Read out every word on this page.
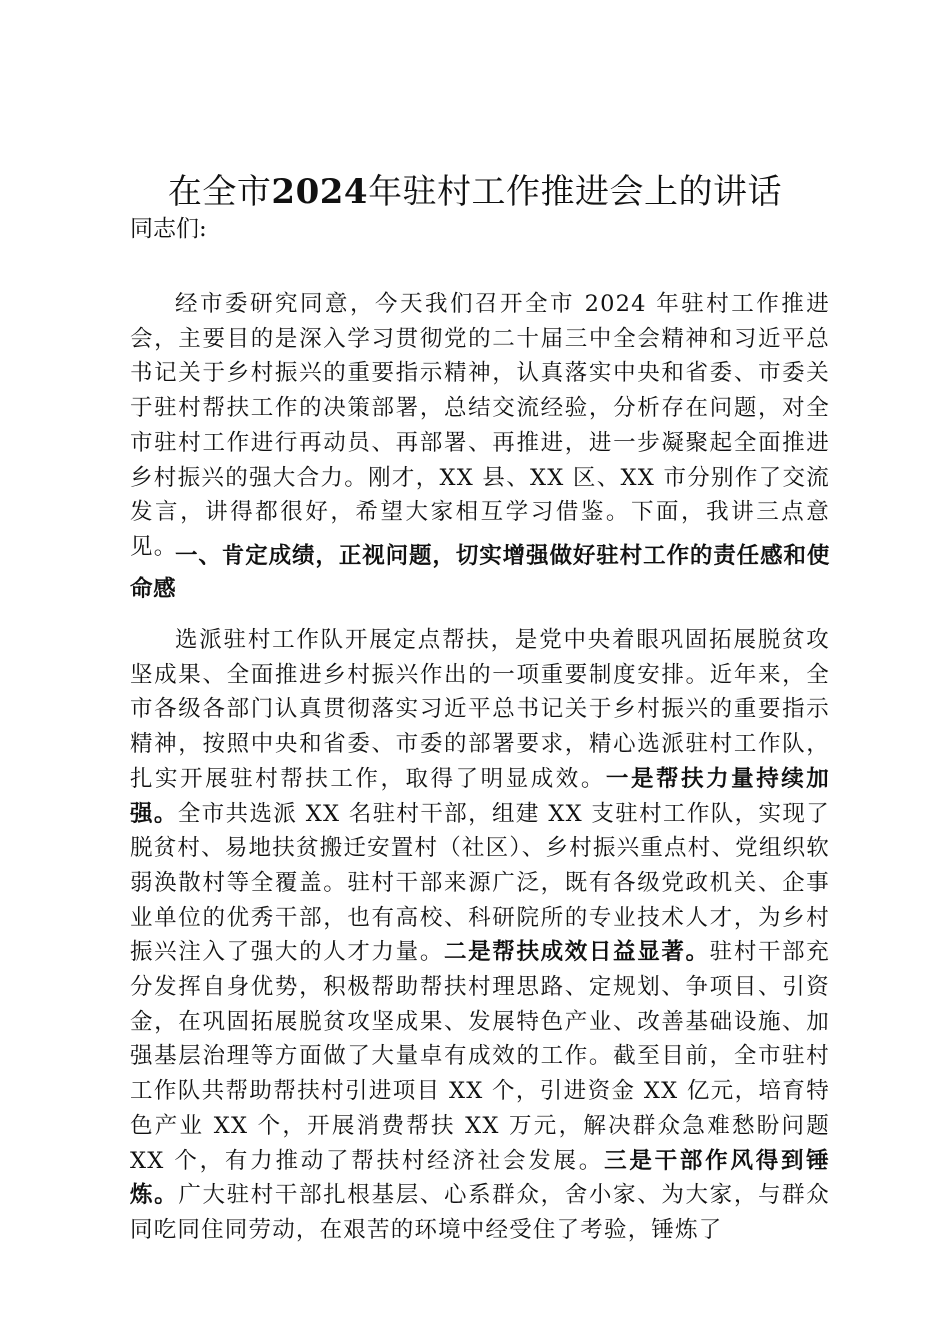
在全市2024年驻村工作推进会上的讲话

同志们:

经市委研究同意，今天我们召开全市 2024 年驻村工作推进会，主要目的是深入学习贯彻党的二十届三中全会精神和习近平总书记关于乡村振兴的重要指示精神，认真落实中央和省委、市委关于驻村帮扶工作的决策部署，总结交流经验，分析存在问题，对全市驻村工作进行再动员、再部署、再推进，进一步凝聚起全面推进乡村振兴的强大合力。刚才，XX 县、XX 区、XX 市分别作了交流发言，讲得都很好，希望大家相互学习借鉴。下面，我讲三点意见。

一、肯定成绩，正视问题，切实增强做好驻村工作的责任感和使命感

选派驻村工作队开展定点帮扶，是党中央着眼巩固拓展脱贫攻坚成果、全面推进乡村振兴作出的一项重要制度安排。近年来，全市各级各部门认真贯彻落实习近平总书记关于乡村振兴的重要指示精神，按照中央和省委、市委的部署要求，精心选派驻村工作队，扎实开展驻村帮扶工作，取得了明显成效。一是帮扶力量持续加强。全市共选派 XX 名驻村干部，组建 XX 支驻村工作队，实现了脱贫村、易地扶贫搬迁安置村（社区）、乡村振兴重点村、党组织软弱涣散村等全覆盖。驻村干部来源广泛，既有各级党政机关、企事业单位的优秀干部，也有高校、科研院所的专业技术人才，为乡村振兴注入了强大的人才力量。二是帮扶成效日益显著。驻村干部充分发挥自身优势，积极帮助帮扶村理思路、定规划、争项目、引资金，在巩固拓展脱贫攻坚成果、发展特色产业、改善基础设施、加强基层治理等方面做了大量卓有成效的工作。截至目前，全市驻村工作队共帮助帮扶村引进项目 XX 个，引进资金 XX 亿元，培育特色产业 XX 个，开展消费帮扶 XX 万元，解决群众急难愁盼问题 XX 个，有力推动了帮扶村经济社会发展。三是干部作风得到锤炼。广大驻村干部扎根基层、心系群众，舍小家、为大家，与群众同吃同住同劳动，在艰苦的环境中经受住了考验，锤炼了
